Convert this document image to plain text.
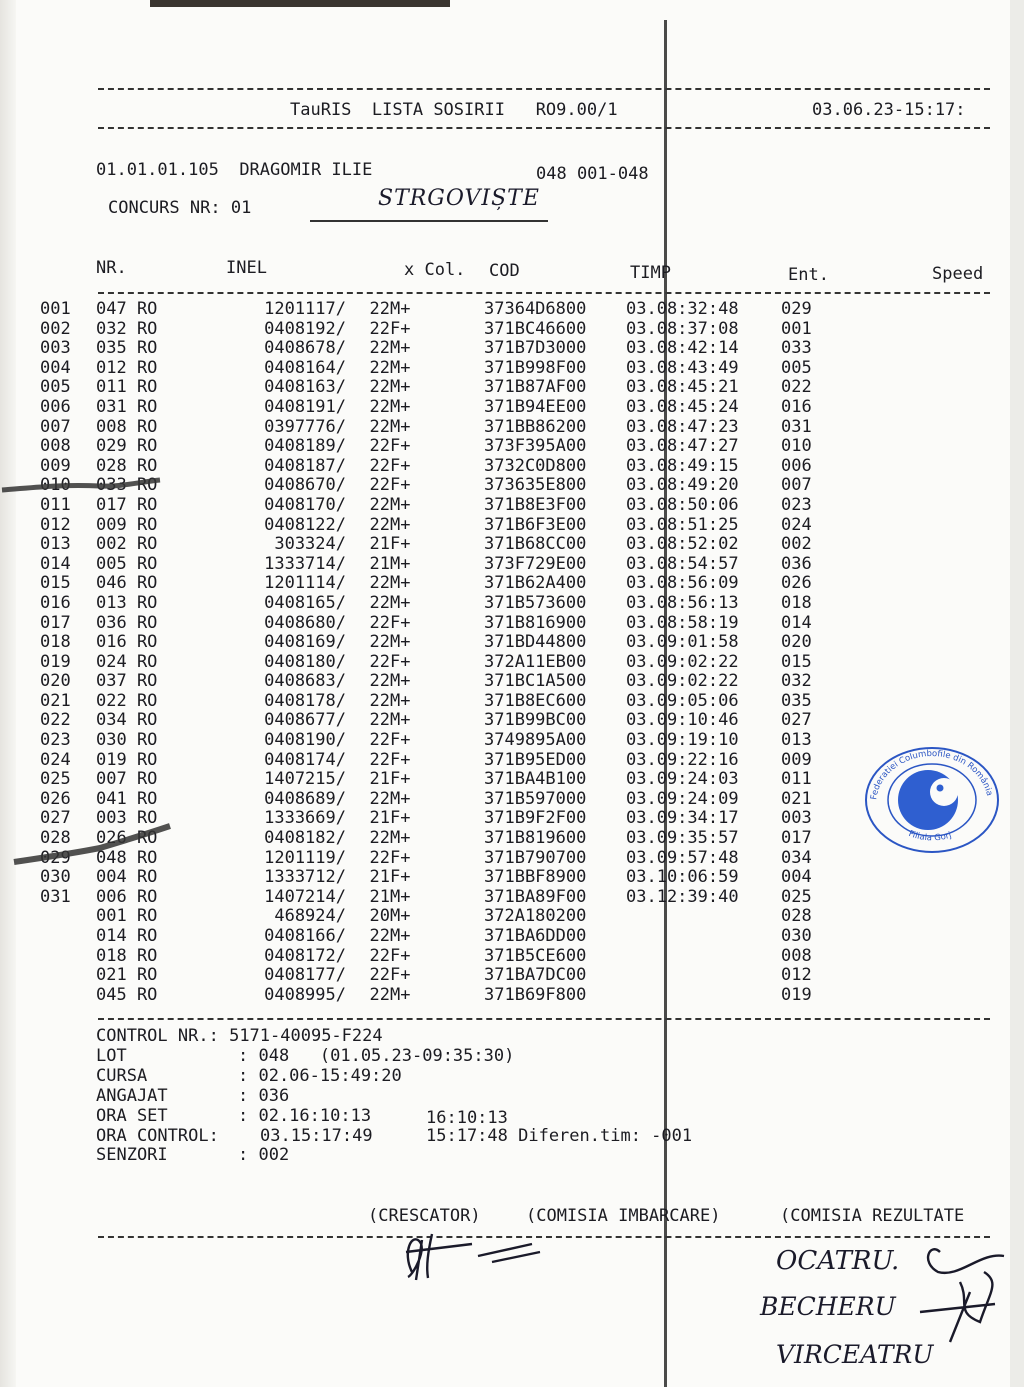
TauRIS LISTA SOSIRII RO9.00/1	03.06.23-15:17:
01.01.01.105 DRAGOMIR ILIE	048 001-048
CONCURS NR: 01	STRGOVIȘTE
NR.	INEL	x Col. COD	TIMP	Ent.	Speed
001	047 RO	1201117/	22	M+	37364D6800	03.08:32:48	029
002	032 RO	0408192/	22	F+	371BC46600	03.08:37:08	001
003	035 RO	0408678/	22	M+	371B7D3000	03.08:42:14	033
004	012 RO	0408164/	22	M+	371B998F00	03.08:43:49	005
005	011 RO	0408163/	22	M+	371B87AF00	03.08:45:21	022
006	031 RO	0408191/	22	M+	371B94EE00	03.08:45:24	016
007	008 RO	0397776/	22	M+	371BB86200	03.08:47:23	031
008	029 RO	0408189/	22	F+	373F395A00	03.08:47:27	010
009	028 RO	0408187/	22	F+	3732C0D800	03.08:49:15	006
010	033 RO	0408670/	22	F+	373635E800	03.08:49:20	007
011	017 RO	0408170/	22	M+	371B8E3F00	03.08:50:06	023
012	009 RO	0408122/	22	M+	371B6F3E00	03.08:51:25	024
013	002 RO	303324/	21	F+	371B68CC00	03.08:52:02	002
014	005 RO	1333714/	21	M+	373F729E00	03.08:54:57	036
015	046 RO	1201114/	22	M+	371B62A400	03.08:56:09	026
016	013 RO	0408165/	22	M+	371B573600	03.08:56:13	018
017	036 RO	0408680/	22	F+	371B816900	03.08:58:19	014
018	016 RO	0408169/	22	M+	371BD44800	03.09:01:58	020
019	024 RO	0408180/	22	F+	372A11EB00	03.09:02:22	015
020	037 RO	0408683/	22	M+	371BC1A500	03.09:02:22	032
021	022 RO	0408178/	22	M+	371B8EC600	03.09:05:06	035
022	034 RO	0408677/	22	M+	371B99BC00	03.09:10:46	027
023	030 RO	0408190/	22	F+	3749895A00	03.09:19:10	013
024	019 RO	0408174/	22	F+	371B95ED00	03.09:22:16	009
025	007 RO	1407215/	21	F+	371BA4B100	03.09:24:03	011
026	041 RO	0408689/	22	M+	371B597000	03.09:24:09	021
027	003 RO	1333669/	21	F+	371B9F2F00	03.09:34:17	003
028	026 RO	0408182/	22	M+	371B819600	03.09:35:57	017
029	048 RO	1201119/	22	F+	371B790700	03.09:57:48	034
030	004 RO	1333712/	21	F+	371BBF8900	03.10:06:59	004
031	006 RO	1407214/	21	M+	371BA89F00	03.12:39:40	025
	001 RO	468924/	20	M+	372A180200		028
	014 RO	0408166/	22	M+	371BA6DD00		030
	018 RO	0408172/	22	F+	371B5CE600		008
	021 RO	0408177/	22	F+	371BA7DC00		012
	045 RO	0408995/	22	M+	371B69F800		019
CONTROL NR.: 5171-40095-F224
LOT	: 048   (01.05.23-09:35:30)
CURSA	: 02.06-15:49:20
ANGAJAT	: 036
ORA SET	: 02.16:10:13	16:10:13
ORA CONTROL: 03.15:17:49	15:17:48 Diferen.tim: -001
SENZORI	: 002
(CRESCATOR)	(COMISIA IMBARCARE)	(COMISIA REZULTATE
OCATRU.
BECHERU
VIRCEATRU
Federatiei Columbofile din România
Filiala Gorj
